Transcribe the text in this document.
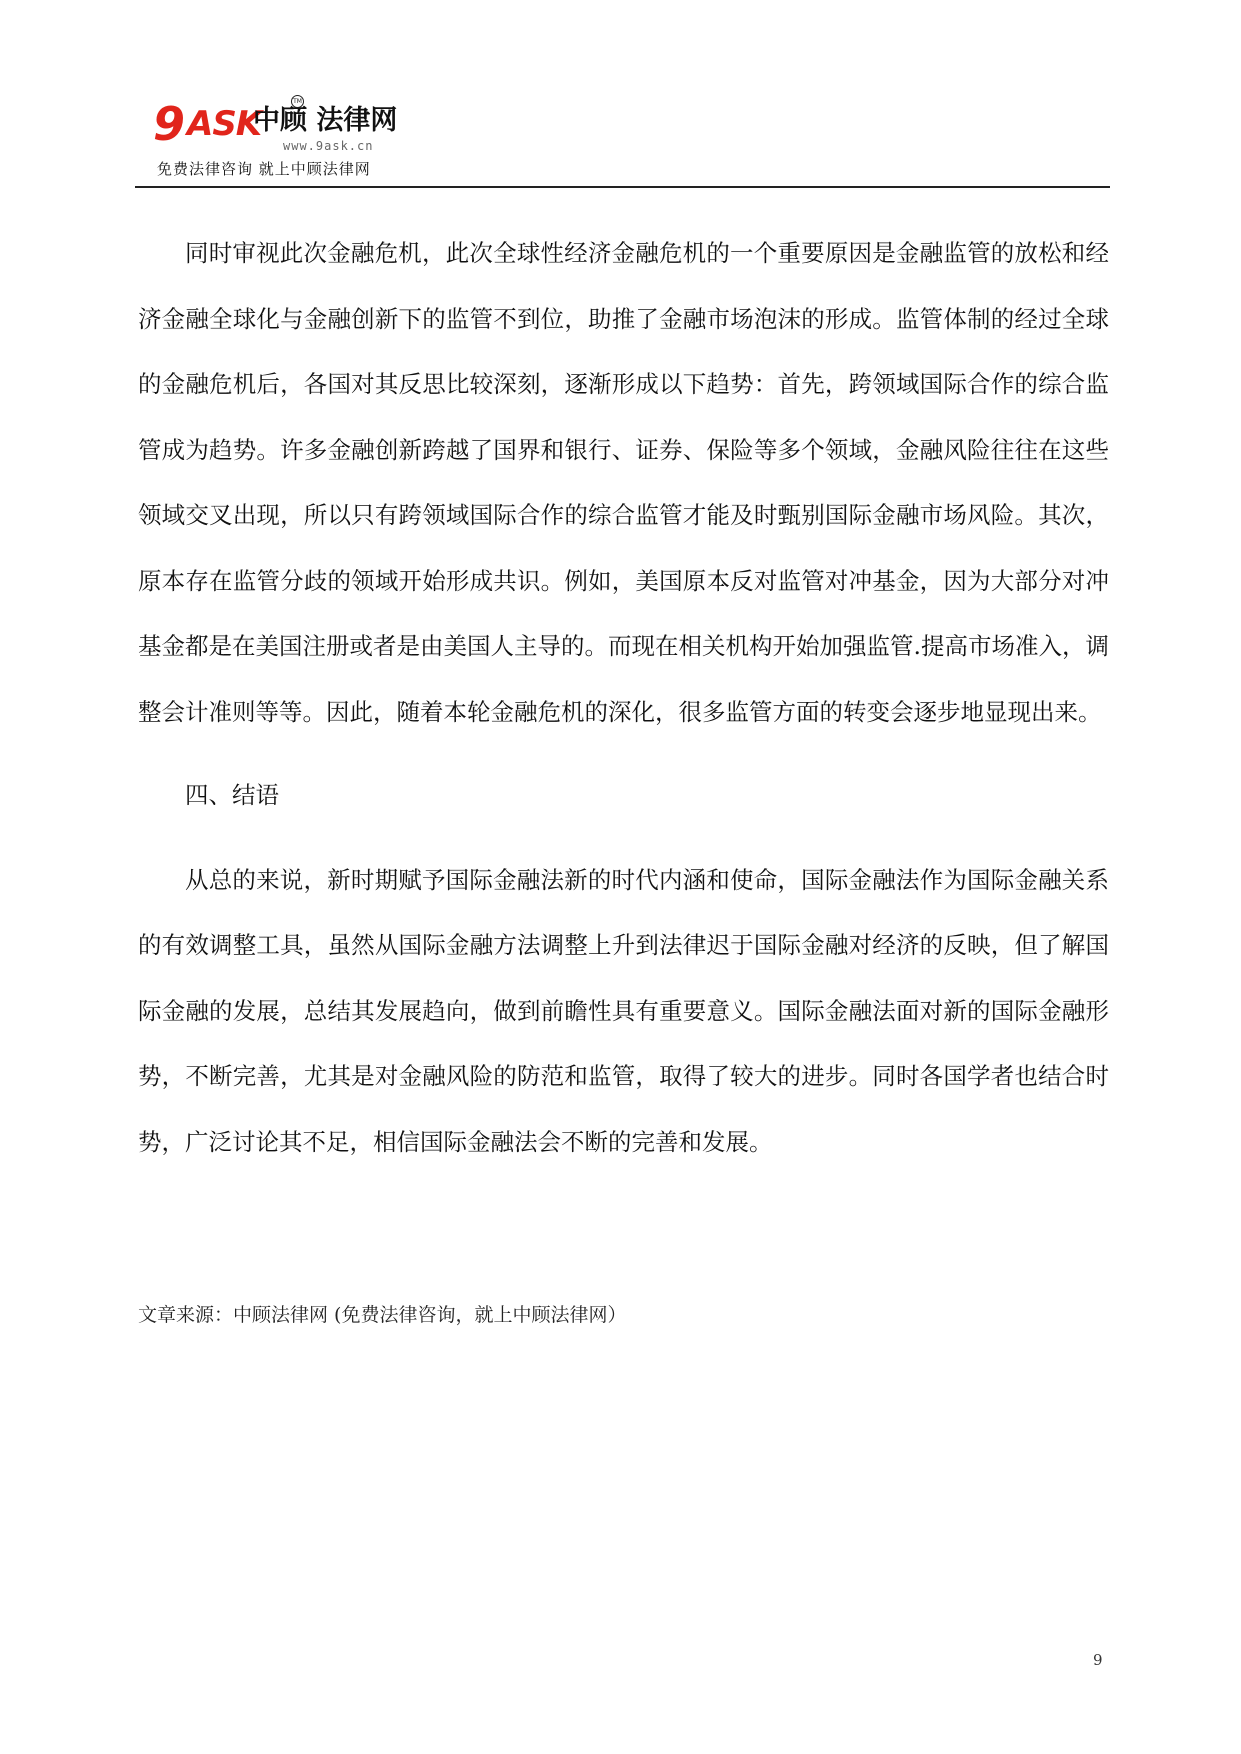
9 ASK
中顾 法律网
TM
www.9ask.cn
免费法律咨询 就上中顾法律网

同时审视此次金融危机，此次全球性经济金融危机的一个重要原因是金融监管的放松和经济金融全球化与金融创新下的监管不到位，助推了金融市场泡沫的形成。监管体制的经过全球的金融危机后，各国对其反思比较深刻，逐渐形成以下趋势：首先，跨领域国际合作的综合监管成为趋势。许多金融创新跨越了国界和银行、证券、保险等多个领域，金融风险往往在这些领域交叉出现，所以只有跨领域国际合作的综合监管才能及时甄别国际金融市场风险。其次，原本存在监管分歧的领域开始形成共识。例如，美国原本反对监管对冲基金，因为大部分对冲基金都是在美国注册或者是由美国人主导的。而现在相关机构开始加强监管.提高市场准入，调整会计准则等等。因此，随着本轮金融危机的深化，很多监管方面的转变会逐步地显现出来。

四、结语

从总的来说，新时期赋予国际金融法新的时代内涵和使命，国际金融法作为国际金融关系的有效调整工具，虽然从国际金融方法调整上升到法律迟于国际金融对经济的反映，但了解国际金融的发展，总结其发展趋向，做到前瞻性具有重要意义。国际金融法面对新的国际金融形势，不断完善，尤其是对金融风险的防范和监管，取得了较大的进步。同时各国学者也结合时势，广泛讨论其不足，相信国际金融法会不断的完善和发展。

文章来源：中顾法律网 (免费法律咨询，就上中顾法律网）
9
